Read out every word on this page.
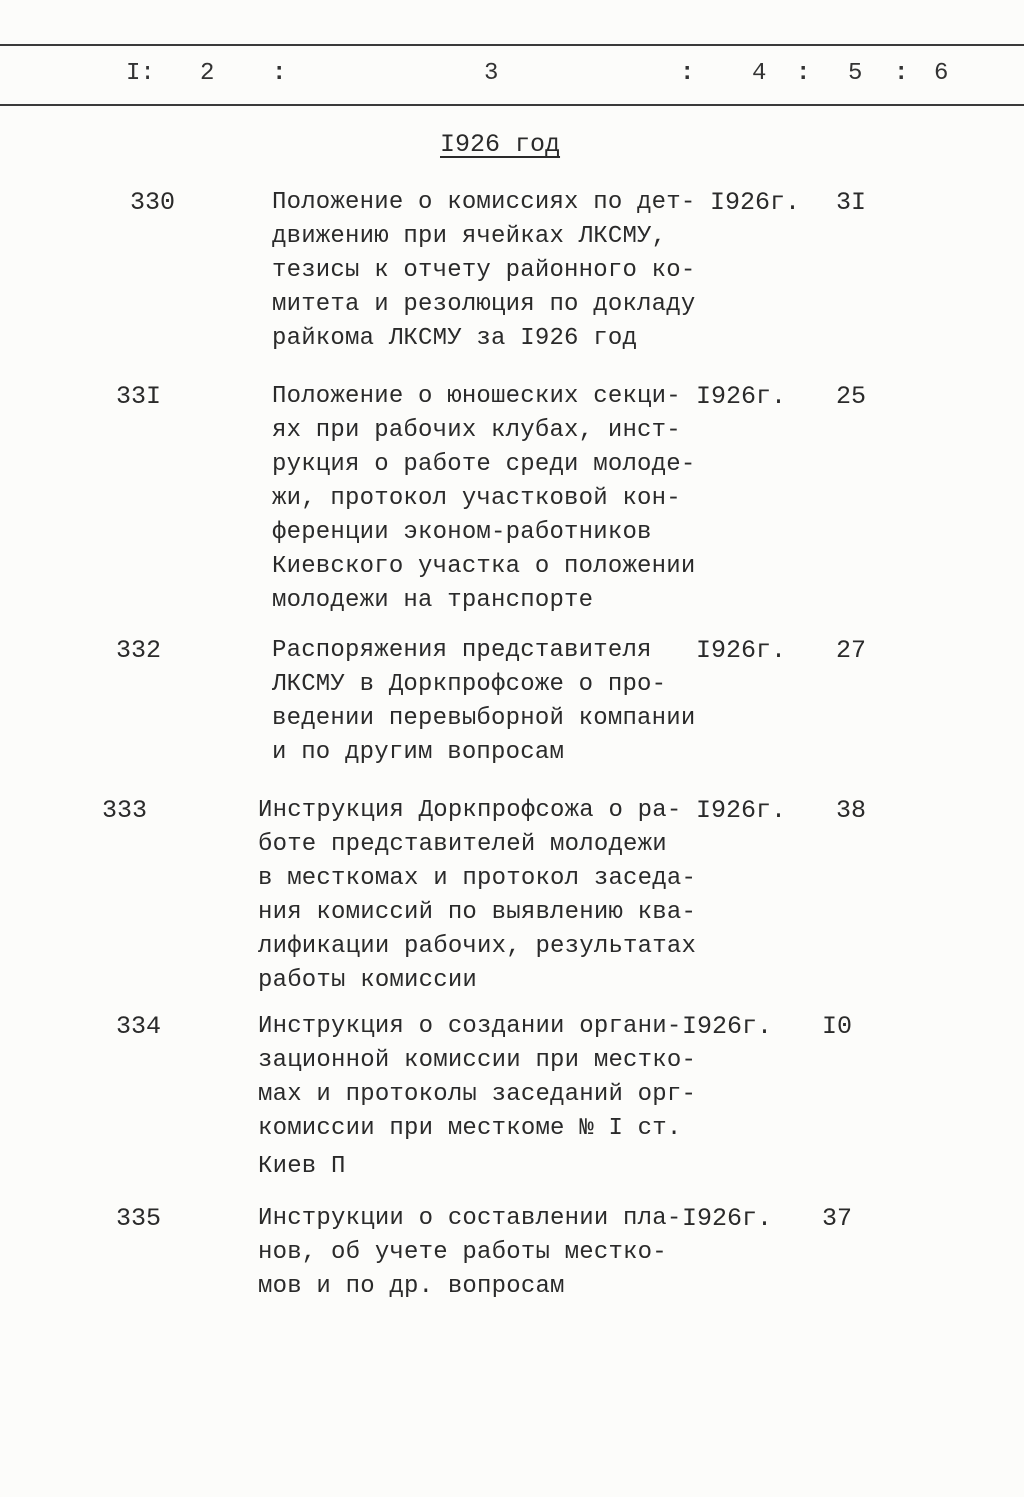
I: 2 :	3	: 4 : 5 : 6
I926 год
330	Положение о комиссиях по дет-
движению при ячейках ЛКСМУ,
тезисы к отчету районного ко-
митета и резолюция по докладу
райкома ЛКСМУ за I926 год
I926г. 3I
33I	Положение о юношеских секци-
ях при рабочих клубах, инст-
рукция о работе среди молоде-
жи, протокол участковой кон-
ференции эконом-работников
Киевского участка о положении
молодежи на транспорте
I926г. 25
332	Распоряжения представителя
ЛКСМУ в Доркпрофсоже о про-
ведении перевыборной компании
и по другим вопросам
I926г. 27
333	Инструкция Доркпрофсожа о ра-
боте представителей молодежи
в месткомах и протокол заседа-
ния комиссий по выявлению ква-
лификации рабочих, результатах
работы комиссии
I926г. 38
334	Инструкция о создании органи-
зационной комиссии при местко-
мах и протоколы заседаний орг-
комиссии при месткоме № I ст.
Киев П
I926г. I0
335	Инструкции о составлении пла-
нов, об учете работы местко-
мов и по др. вопросам
I926г. 37
